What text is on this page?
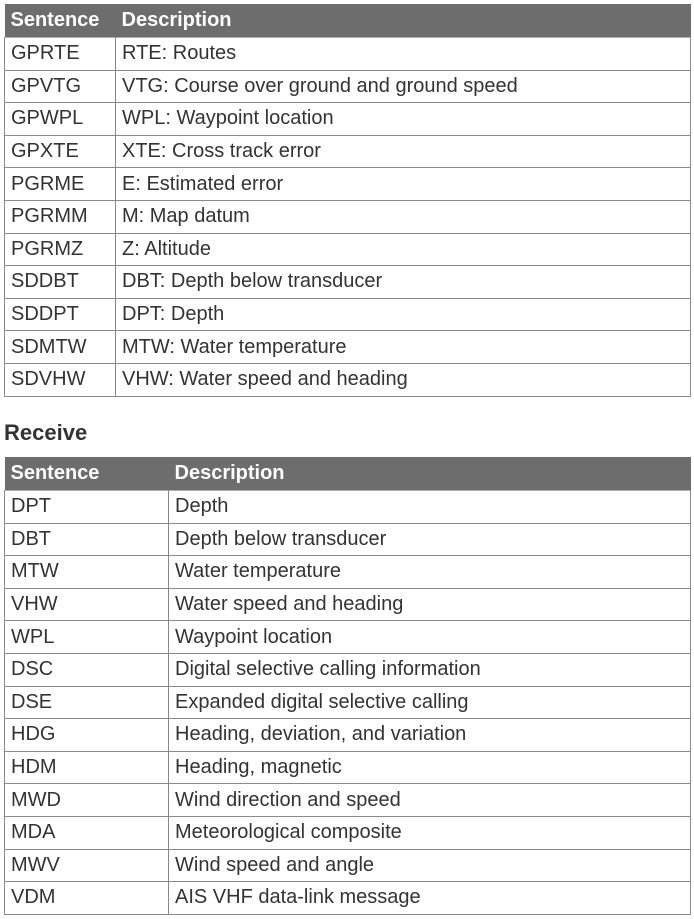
Sentence	Description
GPRTE	RTE: Routes
GPVTG	VTG: Course over ground and ground speed
GPWPL	WPL: Waypoint location
GPXTE	XTE: Cross track error
PGRME	E: Estimated error
PGRMM	M: Map datum
PGRMZ	Z: Altitude
SDDBT	DBT: Depth below transducer
SDDPT	DPT: Depth
SDMTW	MTW: Water temperature
SDVHW	VHW: Water speed and heading
Receive
Sentence	Description
DPT	Depth
DBT	Depth below transducer
MTW	Water temperature
VHW	Water speed and heading
WPL	Waypoint location
DSC	Digital selective calling information
DSE	Expanded digital selective calling
HDG	Heading, deviation, and variation
HDM	Heading, magnetic
MWD	Wind direction and speed
MDA	Meteorological composite
MWV	Wind speed and angle
VDM	AIS VHF data-link message
